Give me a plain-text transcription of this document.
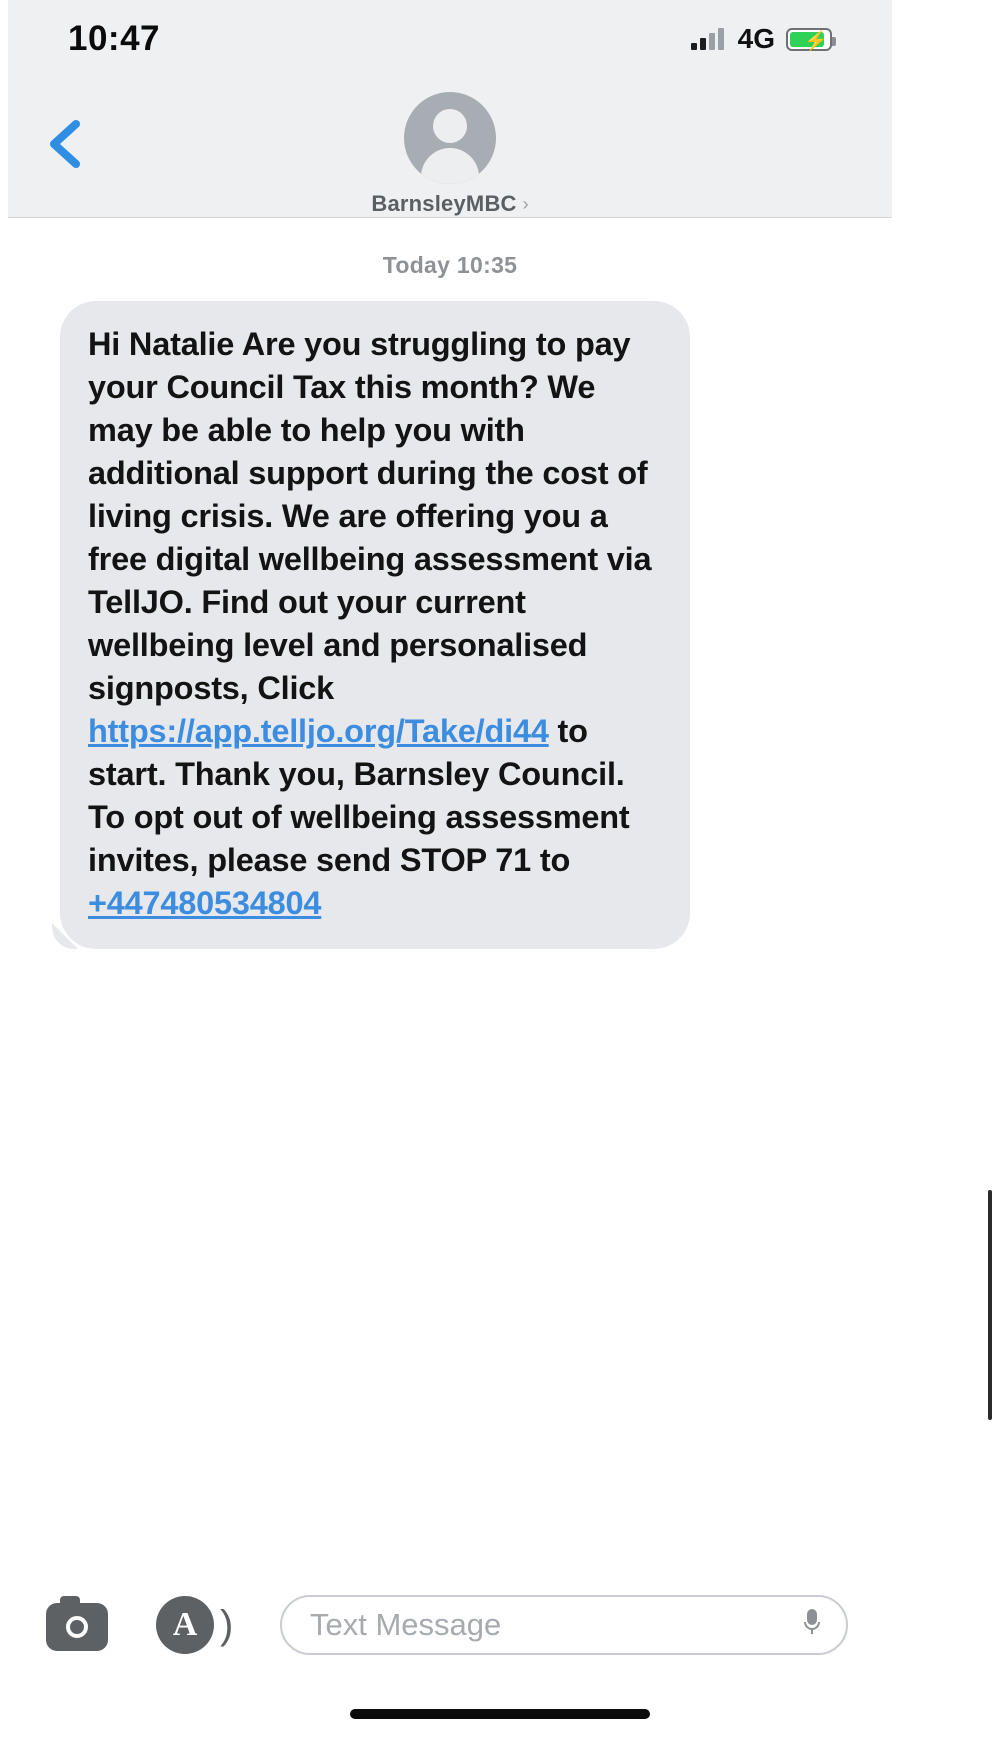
10:47	4G ⚡
BarnsleyMBC ›
Today 10:35
Hi Natalie Are you struggling to pay your Council Tax this month? We may be able to help you with additional support during the cost of living crisis. We are offering you a free digital wellbeing assessment via TellJO. Find out your current wellbeing level and personalised signposts, Click https://app.telljo.org/Take/di44 to start. Thank you, Barnsley Council. To opt out of wellbeing assessment invites, please send STOP 71 to +447480534804
A ) Text Message
